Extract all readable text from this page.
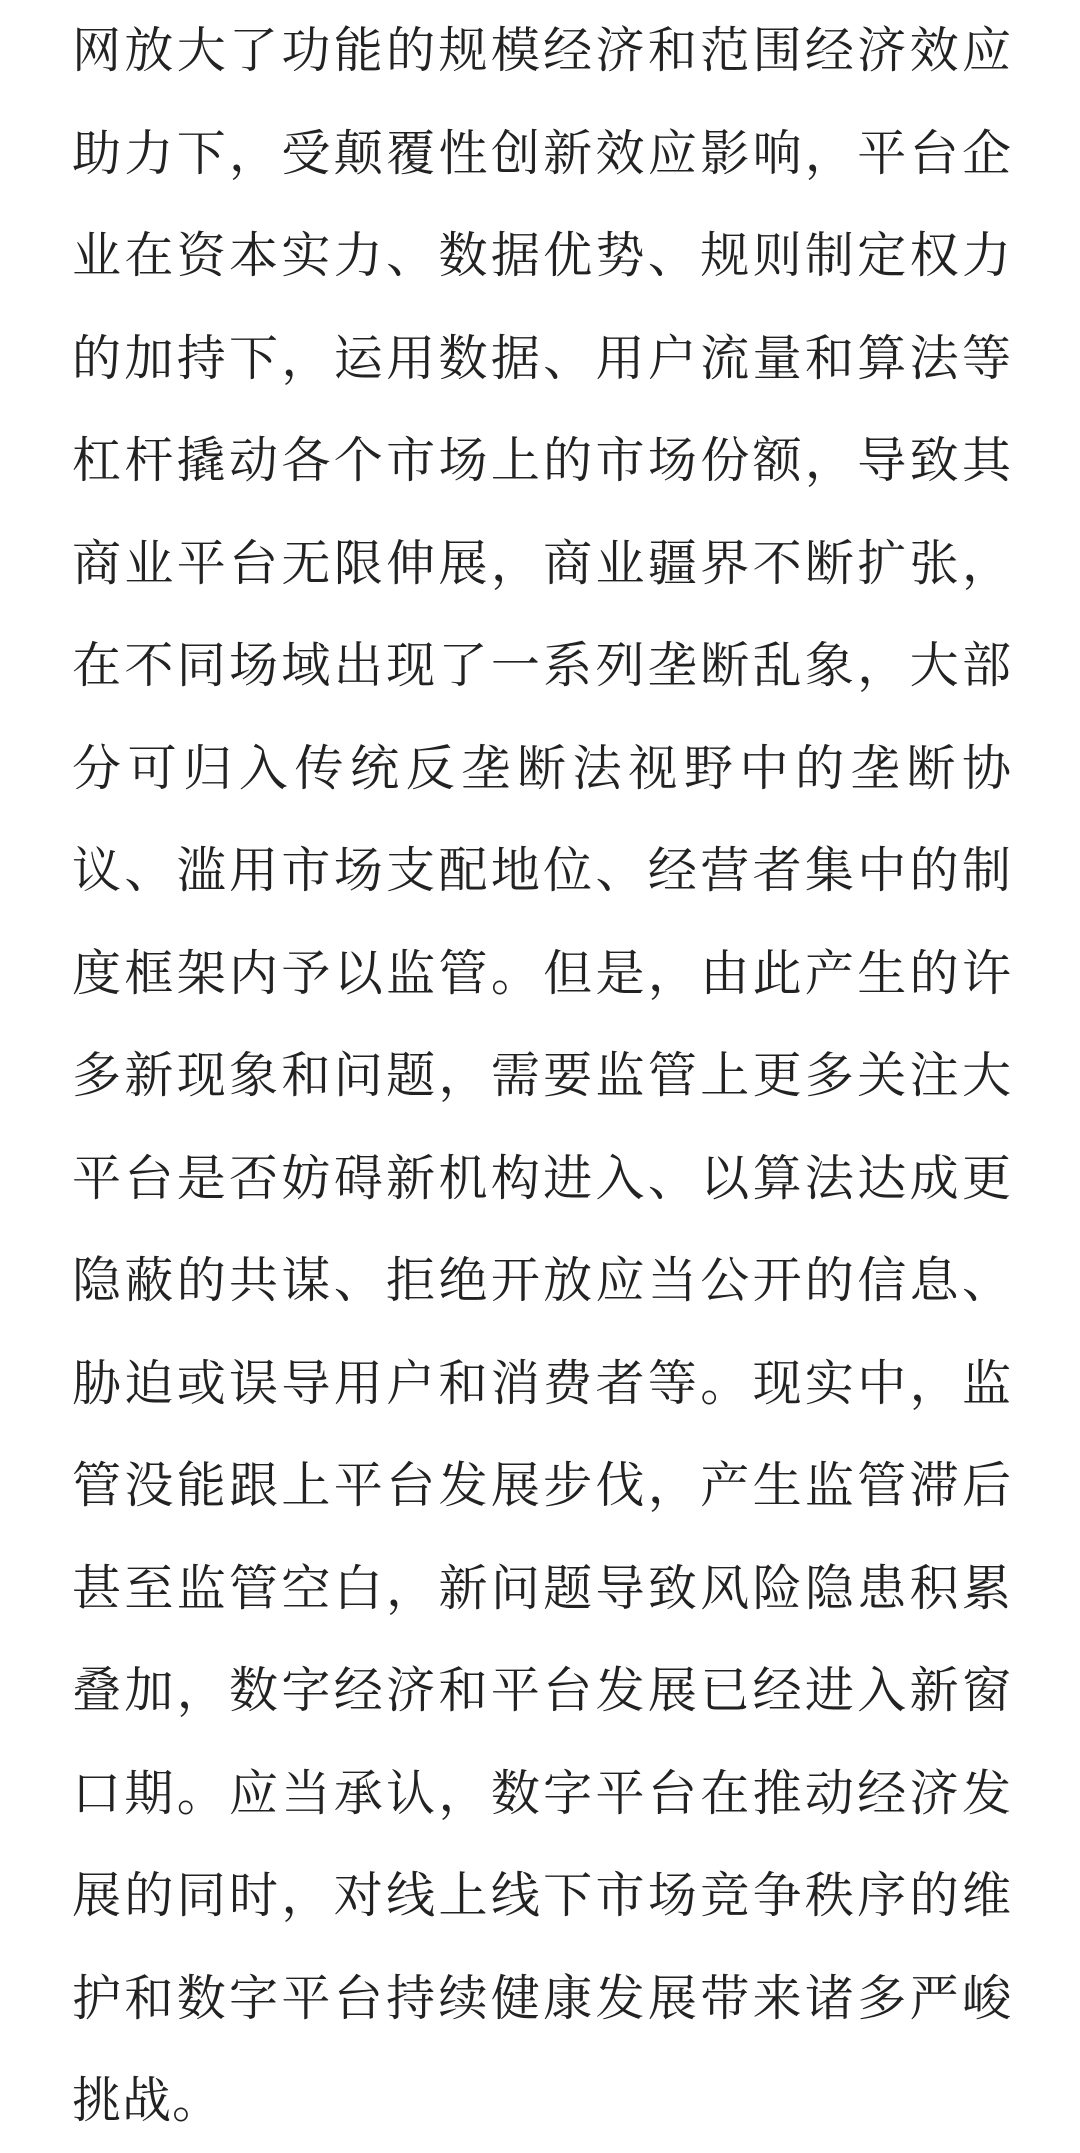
网放大了功能的规模经济和范围经济效应
助力下，受颠覆性创新效应影响，平台企
业在资本实力、数据优势、规则制定权力
的加持下，运用数据、用户流量和算法等
杠杆撬动各个市场上的市场份额，导致其
商业平台无限伸展，商业疆界不断扩张，
在不同场域出现了一系列垄断乱象，大部
分可归入传统反垄断法视野中的垄断协
议、滥用市场支配地位、经营者集中的制
度框架内予以监管。但是，由此产生的许
多新现象和问题，需要监管上更多关注大
平台是否妨碍新机构进入、以算法达成更
隐蔽的共谋、拒绝开放应当公开的信息、
胁迫或误导用户和消费者等。现实中，监
管没能跟上平台发展步伐，产生监管滞后
甚至监管空白，新问题导致风险隐患积累
叠加，数字经济和平台发展已经进入新窗
口期。应当承认，数字平台在推动经济发
展的同时，对线上线下市场竞争秩序的维
护和数字平台持续健康发展带来诸多严峻
挑战。
